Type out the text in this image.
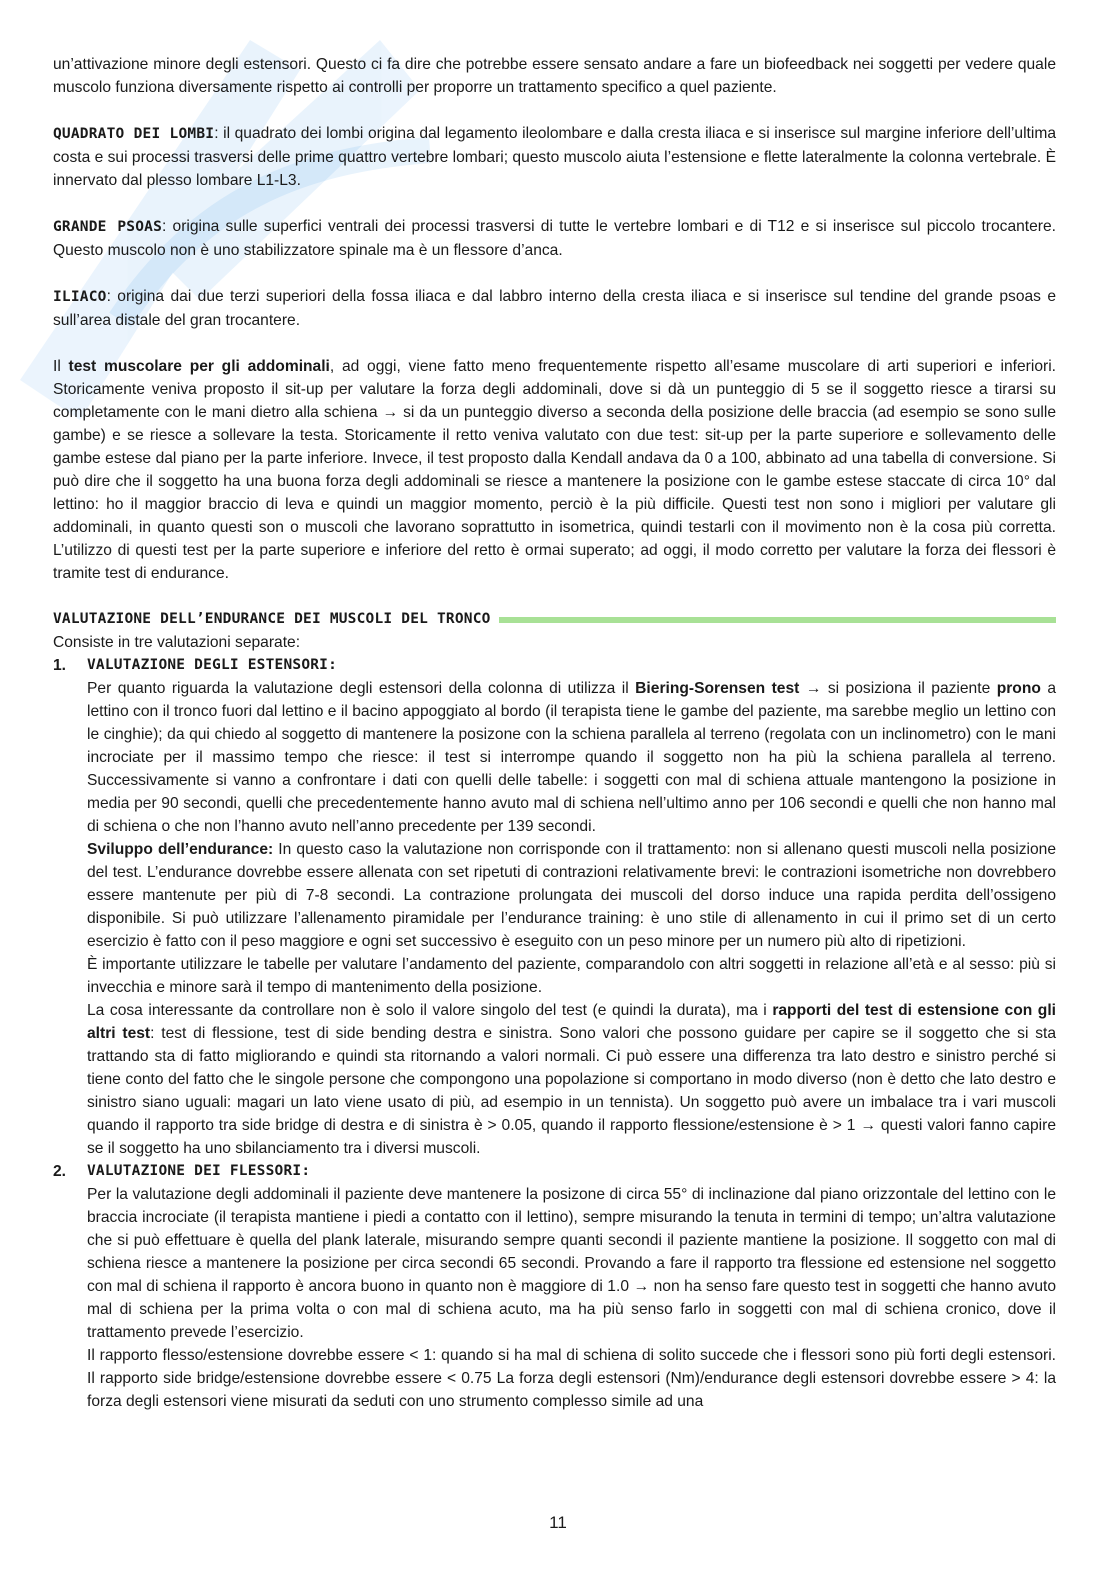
un’attivazione minore degli estensori. Questo ci fa dire che potrebbe essere sensato andare a fare un biofeedback nei soggetti per vedere quale muscolo funziona diversamente rispetto ai controlli per proporre un trattamento specifico a quel paziente.

QUADRATO DEI LOMBI: il quadrato dei lombi origina dal legamento ileolombare e dalla cresta iliaca e si inserisce sul margine inferiore dell’ultima costa e sui processi trasversi delle prime quattro vertebre lombari; questo muscolo aiuta l’estensione e flette lateralmente la colonna vertebrale. È innervato dal plesso lombare L1-L3.

GRANDE PSOAS: origina sulle superfici ventrali dei processi trasversi di tutte le vertebre lombari e di T12 e si inserisce sul piccolo trocantere. Questo muscolo non è uno stabilizzatore spinale ma è un flessore d’anca.

ILIACO: origina dai due terzi superiori della fossa iliaca e dal labbro interno della cresta iliaca e si inserisce sul tendine del grande psoas e sull’area distale del gran trocantere.

Il test muscolare per gli addominali, ad oggi, viene fatto meno frequentemente rispetto all’esame muscolare di arti superiori e inferiori. Storicamente veniva proposto il sit-up per valutare la forza degli addominali, dove si dà un punteggio di 5 se il soggetto riesce a tirarsi su completamente con le mani dietro alla schiena → si da un punteggio diverso a seconda della posizione delle braccia (ad esempio se sono sulle gambe) e se riesce a sollevare la testa. Storicamente il retto veniva valutato con due test: sit-up per la parte superiore e sollevamento delle gambe estese dal piano per la parte inferiore. Invece, il test proposto dalla Kendall andava da 0 a 100, abbinato ad una tabella di conversione. Si può dire che il soggetto ha una buona forza degli addominali se riesce a mantenere la posizione con le gambe estese staccate di circa 10° dal lettino: ho il maggior braccio di leva e quindi un maggior momento, perciò è la più difficile. Questi test non sono i migliori per valutare gli addominali, in quanto questi son o muscoli che lavorano soprattutto in isometrica, quindi testarli con il movimento non è la cosa più corretta. L’utilizzo di questi test per la parte superiore e inferiore del retto è ormai superato; ad oggi, il modo corretto per valutare la forza dei flessori è tramite test di endurance.

VALUTAZIONE DELL’ENDURANCE DEI MUSCOLI DEL TRONCO

Consiste in tre valutazioni separate:

1.	VALUTAZIONE DEGLI ESTENSORI:

Per quanto riguarda la valutazione degli estensori della colonna di utilizza il Biering-Sorensen test → si posiziona il paziente prono a lettino con il tronco fuori dal lettino e il bacino appoggiato al bordo (il terapista tiene le gambe del paziente, ma sarebbe meglio un lettino con le cinghie); da qui chiedo al soggetto di mantenere la posizone con la schiena parallela al terreno (regolata con un inclinometro) con le mani incrociate per il massimo tempo che riesce: il test si interrompe quando il soggetto non ha più la schiena parallela al terreno. Successivamente si vanno a confrontare i dati con quelli delle tabelle: i soggetti con mal di schiena attuale mantengono la posizione in media per 90 secondi, quelli che precedentemente hanno avuto mal di schiena nell’ultimo anno per 106 secondi e quelli che non hanno mal di schiena o che non l’hanno avuto nell’anno precedente per 139 secondi.

Sviluppo dell’endurance: In questo caso la valutazione non corrisponde con il trattamento: non si allenano questi muscoli nella posizione del test. L’endurance dovrebbe essere allenata con set ripetuti di contrazioni relativamente brevi: le contrazioni isometriche non dovrebbero essere mantenute per più di 7-8 secondi. La contrazione prolungata dei muscoli del dorso induce una rapida perdita dell’ossigeno disponibile. Si può utilizzare l’allenamento piramidale per l’endurance training: è uno stile di allenamento in cui il primo set di un certo esercizio è fatto con il peso maggiore e ogni set successivo è eseguito con un peso minore per un numero più alto di ripetizioni.

È importante utilizzare le tabelle per valutare l’andamento del paziente, comparandolo con altri soggetti in relazione all’età e al sesso: più si invecchia e minore sarà il tempo di mantenimento della posizione.

La cosa interessante da controllare non è solo il valore singolo del test (e quindi la durata), ma i rapporti del test di estensione con gli altri test: test di flessione, test di side bending destra e sinistra. Sono valori che possono guidare per capire se il soggetto che si sta trattando sta di fatto migliorando e quindi sta ritornando a valori normali. Ci può essere una differenza tra lato destro e sinistro perché si tiene conto del fatto che le singole persone che compongono una popolazione si comportano in modo diverso (non è detto che lato destro e sinistro siano uguali: magari un lato viene usato di più, ad esempio in un tennista). Un soggetto può avere un imbalace tra i vari muscoli quando il rapporto tra side bridge di destra e di sinistra è > 0.05, quando il rapporto flessione/estensione è > 1 → questi valori fanno capire se il soggetto ha uno sbilanciamento tra i diversi muscoli.

2.	VALUTAZIONE DEI FLESSORI:

Per la valutazione degli addominali il paziente deve mantenere la posizone di circa 55° di inclinazione dal piano orizzontale del lettino con le braccia incrociate (il terapista mantiene i piedi a contatto con il lettino), sempre misurando la tenuta in termini di tempo; un’altra valutazione che si può effettuare è quella del plank laterale, misurando sempre quanti secondi il paziente mantiene la posizione. Il soggetto con mal di schiena riesce a mantenere la posizione per circa secondi 65 secondi. Provando a fare il rapporto tra flessione ed estensione nel soggetto con mal di schiena il rapporto è ancora buono in quanto non è maggiore di 1.0 → non ha senso fare questo test in soggetti che hanno avuto mal di schiena per la prima volta o con mal di schiena acuto, ma ha più senso farlo in soggetti con mal di schiena cronico, dove il trattamento prevede l’esercizio.

Il rapporto flesso/estensione dovrebbe essere < 1: quando si ha mal di schiena di solito succede che i flessori sono più forti degli estensori. Il rapporto side bridge/estensione dovrebbe essere < 0.75 La forza degli estensori (Nm)/endurance degli estensori dovrebbe essere > 4: la forza degli estensori viene misurati da seduti con uno strumento complesso simile ad una

11
